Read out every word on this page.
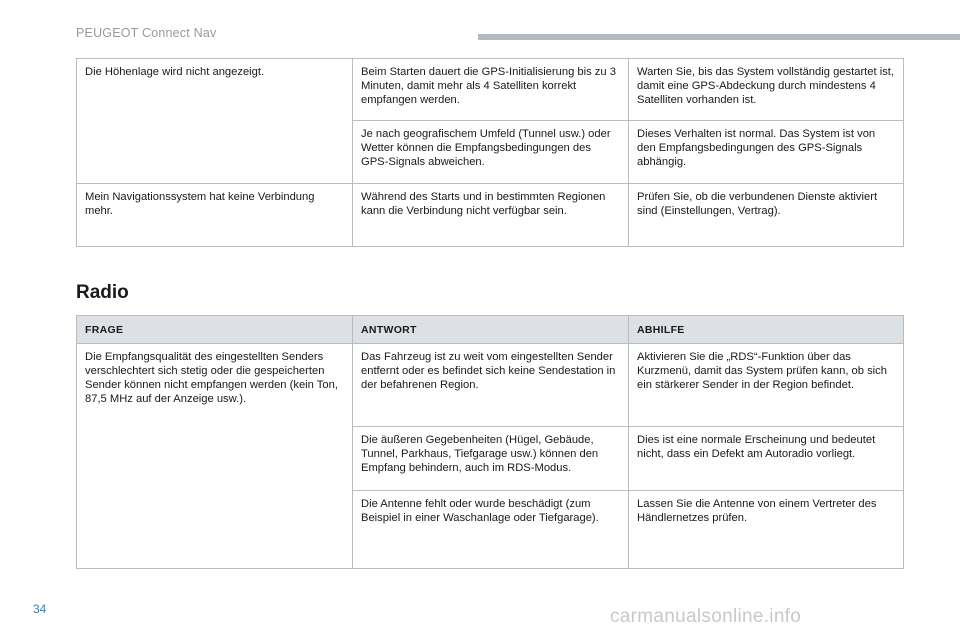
PEUGEOT Connect Nav
Die Höhenlage wird nicht angezeigt.	Beim Starten dauert die GPS-Initialisierung bis zu 3 Minuten, damit mehr als 4 Satelliten korrekt empfangen werden.	Warten Sie, bis das System vollständig gestartet ist, damit eine GPS-Abdeckung durch mindestens 4 Satelliten vorhanden ist.
	Je nach geografischem Umfeld (Tunnel usw.) oder Wetter können die Empfangsbedingungen des GPS-Signals abweichen.	Dieses Verhalten ist normal. Das System ist von den Empfangsbedingungen des GPS-Signals abhängig.
Mein Navigationssystem hat keine Verbindung mehr.	Während des Starts und in bestimmten Regionen kann die Verbindung nicht verfügbar sein.	Prüfen Sie, ob die verbundenen Dienste aktiviert sind (Einstellungen, Vertrag).
Radio
FRAGE	ANTWORT	ABHILFE
Die Empfangsqualität des eingestellten Senders verschlechtert sich stetig oder die gespeicherten Sender können nicht empfangen werden (kein Ton, 87,5 MHz auf der Anzeige usw.).	Das Fahrzeug ist zu weit vom eingestellten Sender entfernt oder es befindet sich keine Sendestation in der befahrenen Region.	Aktivieren Sie die „RDS“-Funktion über das Kurzmenü, damit das System prüfen kann, ob sich ein stärkerer Sender in der Region befindet.
	Die äußeren Gegebenheiten (Hügel, Gebäude, Tunnel, Parkhaus, Tiefgarage usw.) können den Empfang behindern, auch im RDS-Modus.	Dies ist eine normale Erscheinung und bedeutet nicht, dass ein Defekt am Autoradio vorliegt.
	Die Antenne fehlt oder wurde beschädigt (zum Beispiel in einer Waschanlage oder Tiefgarage).	Lassen Sie die Antenne von einem Vertreter des Händlernetzes prüfen.
34	carmanualsonline.info
